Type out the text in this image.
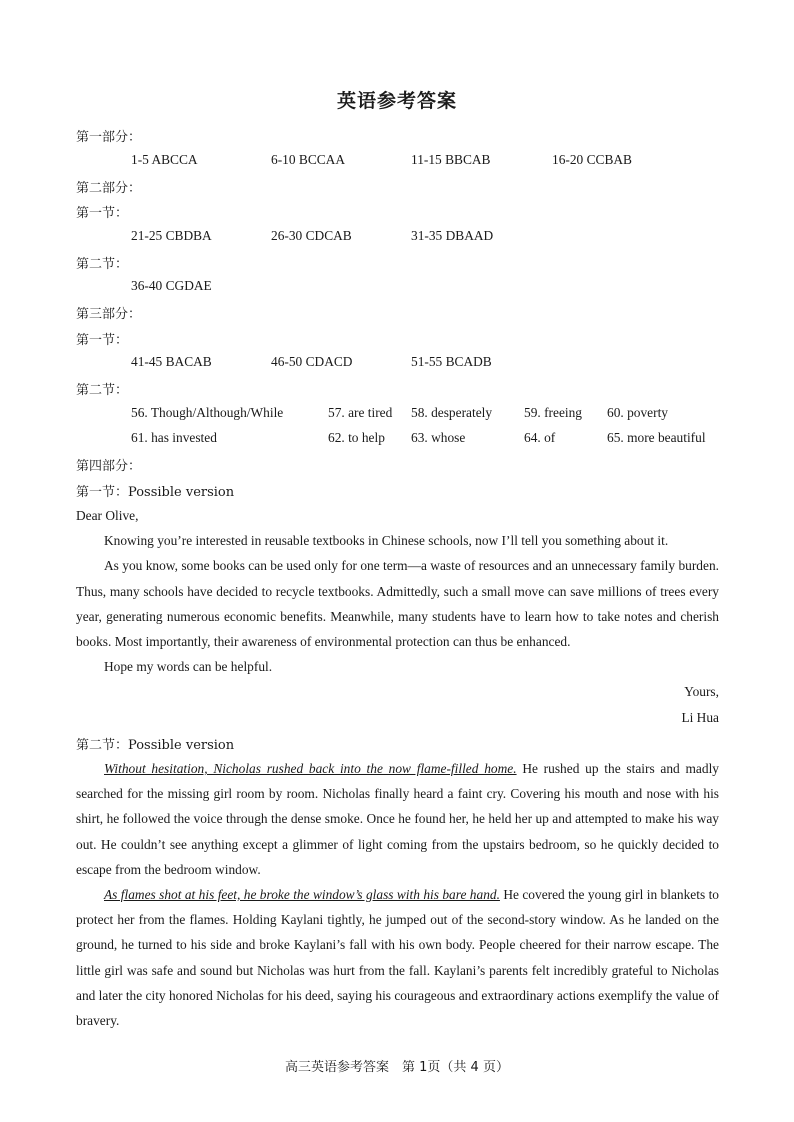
英语参考答案
第一部分：
1-5 ABCCA	6-10 BCCAA	11-15 BBCAB	16-20 CCBAB
第二部分：
第一节：
21-25 CBDBA	26-30 CDCAB	31-35 DBAAD
第二节：
36-40 CGDAE
第三部分：
第一节：
41-45 BACAB	46-50 CDACD	51-55 BCADB
第二节：
56. Though/Although/While	57. are tired 58. desperately 59. freeing 60. poverty
61. has invested	62. to help 63. whose	64. of	65. more beautiful
第四部分：
第一节：Possible version

Dear Olive,

Knowing you’re interested in reusable textbooks in Chinese schools, now I’ll tell you something about it.

As you know, some books can be used only for one term—a waste of resources and an unnecessary family burden. Thus, many schools have decided to recycle textbooks. Admittedly, such a small move can save millions of trees every year, generating numerous economic benefits. Meanwhile, many students have to learn how to take notes and cherish books. Most importantly, their awareness of environmental protection can thus be enhanced.

Hope my words can be helpful.

Yours,

Li Hua

第二节：Possible version

Without hesitation, Nicholas rushed back into the now flame-filled home. He rushed up the stairs and madly searched for the missing girl room by room. Nicholas finally heard a faint cry. Covering his mouth and nose with his shirt, he followed the voice through the dense smoke. Once he found her, he held her up and attempted to make his way out. He couldn’t see anything except a glimmer of light coming from the upstairs bedroom, so he quickly decided to escape from the bedroom window.

As flames shot at his feet, he broke the window’s glass with his bare hand. He covered the young girl in blankets to protect her from the flames. Holding Kaylani tightly, he jumped out of the second-story window. As he landed on the ground, he turned to his side and broke Kaylani’s fall with his own body. People cheered for their narrow escape. The little girl was safe and sound but Nicholas was hurt from the fall. Kaylani’s parents felt incredibly grateful to Nicholas and later the city honored Nicholas for his deed, saying his courageous and extraordinary actions exemplify the value of bravery.

高三英语参考答案　第 1页（共 4 页）
